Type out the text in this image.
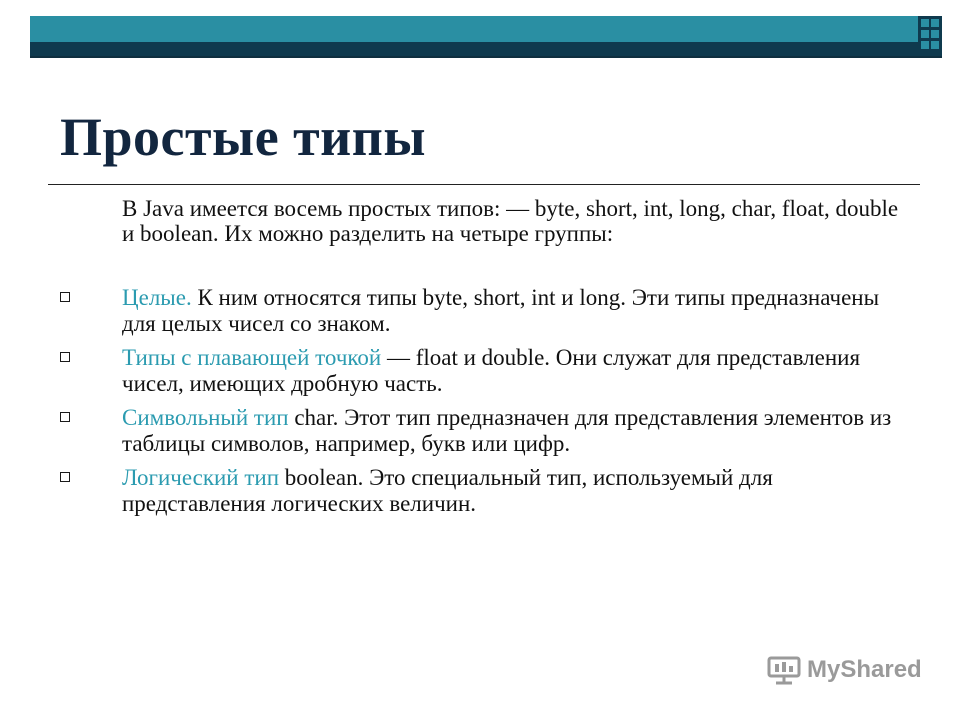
Простые типы
В Java имеется восемь простых типов: — byte, short, int, long, char, float, double и boolean. Их можно разделить на четыре группы:
Целые. К ним относятся типы byte, short, int и long. Эти типы предназначены для целых чисел со знаком.
Типы с плавающей точкой — float и double. Они служат для представления чисел, имеющих дробную часть.
Символьный тип char. Этот тип предназначен для представления элементов из таблицы символов, например, букв или цифр.
Логический тип boolean. Это специальный тип, используемый для представления логических величин.
MyShared
